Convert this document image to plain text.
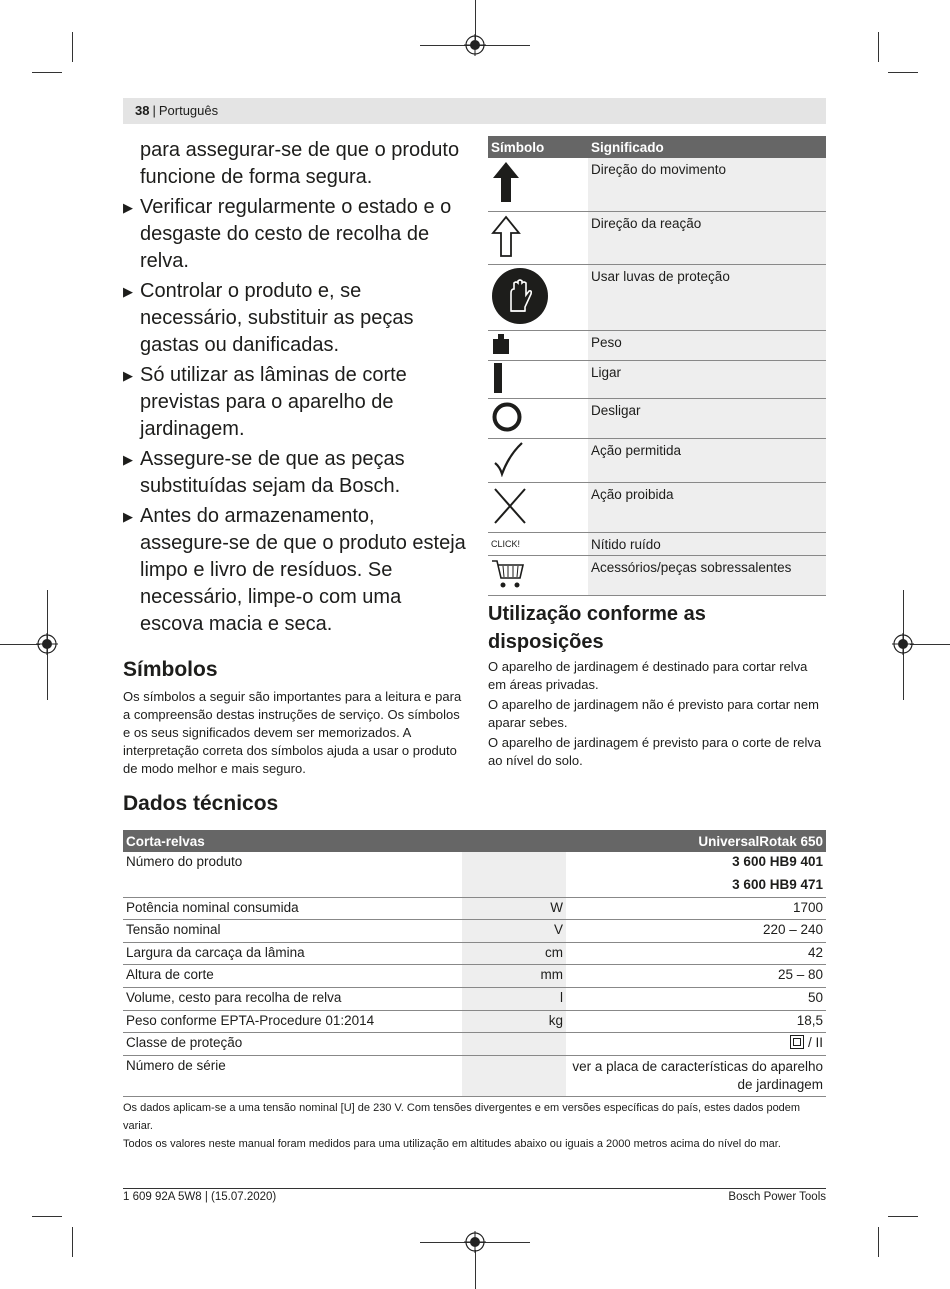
38 | Português
para assegurar-se de que o produto funcione de forma segura.
▶ Verificar regularmente o estado e o desgaste do cesto de recolha de relva.
▶ Controlar o produto e, se necessário, substituir as peças gastas ou danificadas.
▶ Só utilizar as lâminas de corte previstas para o aparelho de jardinagem.
▶ Assegure-se de que as peças substituídas sejam da Bosch.
▶ Antes do armazenamento, assegure-se de que o produto esteja limpo e livro de resíduos. Se necessário, limpe-o com uma escova macia e seca.
Símbolos

Os símbolos a seguir são importantes para a leitura e para a compreensão destas instruções de serviço. Os símbolos e os seus significados devem ser memorizados. A interpretação correta dos símbolos ajuda a usar o produto de modo melhor e mais seguro.

Símbolo	Significado
	Direção do movimento
	Direção da reação
	Usar luvas de proteção
	Peso
	Ligar
	Desligar
	Ação permitida
	Ação proibida
CLICK!	Nítido ruído
	Acessórios/peças sobressalentes
Utilização conforme as disposições

O aparelho de jardinagem é destinado para cortar relva em áreas privadas.

O aparelho de jardinagem não é previsto para cortar nem aparar sebes.

O aparelho de jardinagem é previsto para o corte de relva ao nível do solo.

Dados técnicos
Corta-relvas		UniversalRotak 650
Número do produto		3 600 HB9 401
		3 600 HB9 471
Potência nominal consumida	W	1700
Tensão nominal	V	220 – 240
Largura da carcaça da lâmina	cm	42
Altura de corte	mm	25 – 80
Volume, cesto para recolha de relva	l	50
Peso conforme EPTA-Procedure 01:2014	kg	18,5
Classe de proteção		/ II
Número de série		ver a placa de características do aparelho de jardinagem
Os dados aplicam-se a uma tensão nominal [U] de 230 V. Com tensões divergentes e em versões específicas do país, estes dados podem variar.
Todos os valores neste manual foram medidos para uma utilização em altitudes abaixo ou iguais a 2000 metros acima do nível do mar.
1 609 92A 5W8 | (15.07.2020)	Bosch Power Tools
